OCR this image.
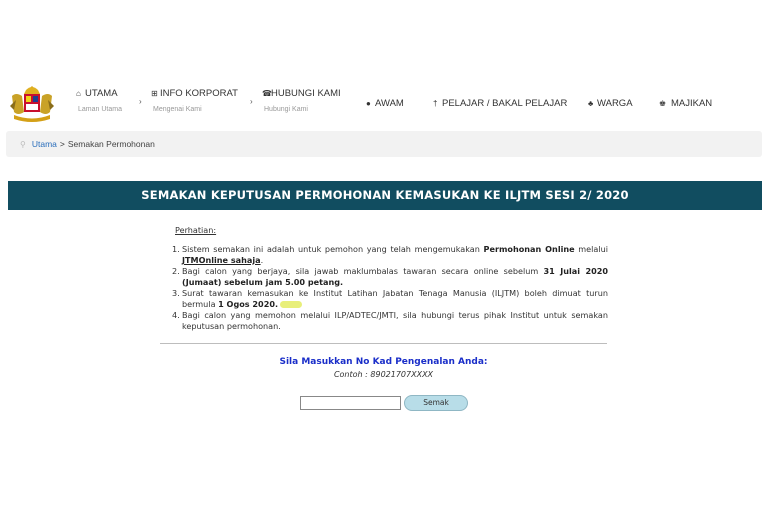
⌂ UTAMA
Laman Utama
›
⊞ INFO KORPORAT
Mengenai Kami
›
☎HUBUNGI KAMI
Hubungi Kami
● AWAM	† PELAJAR / BAKAL PELAJAR	♣ WARGA	♚ MAJIKAN
⚲ Utama > Semakan Permohonan
SEMAKAN KEPUTUSAN PERMOHONAN KEMASUKAN KE ILJTM SESI 2/ 2020
Perhatian:
1. Sistem semakan ini adalah untuk pemohon yang telah mengemukakan Permohonan Online melalui JTMOnline sahaja.
2. Bagi calon yang berjaya, sila jawab maklumbalas tawaran secara online sebelum 31 Julai 2020 (Jumaat) sebelum jam 5.00 petang.
3. Surat tawaran kemasukan ke Institut Latihan Jabatan Tenaga Manusia (ILJTM) boleh dimuat turun bermula 1 Ogos 2020.
4. Bagi calon yang memohon melalui ILP/ADTEC/JMTI, sila hubungi terus pihak Institut untuk semakan keputusan permohonan.
Sila Masukkan No Kad Pengenalan Anda:
Contoh : 89021707XXXX
Semak
